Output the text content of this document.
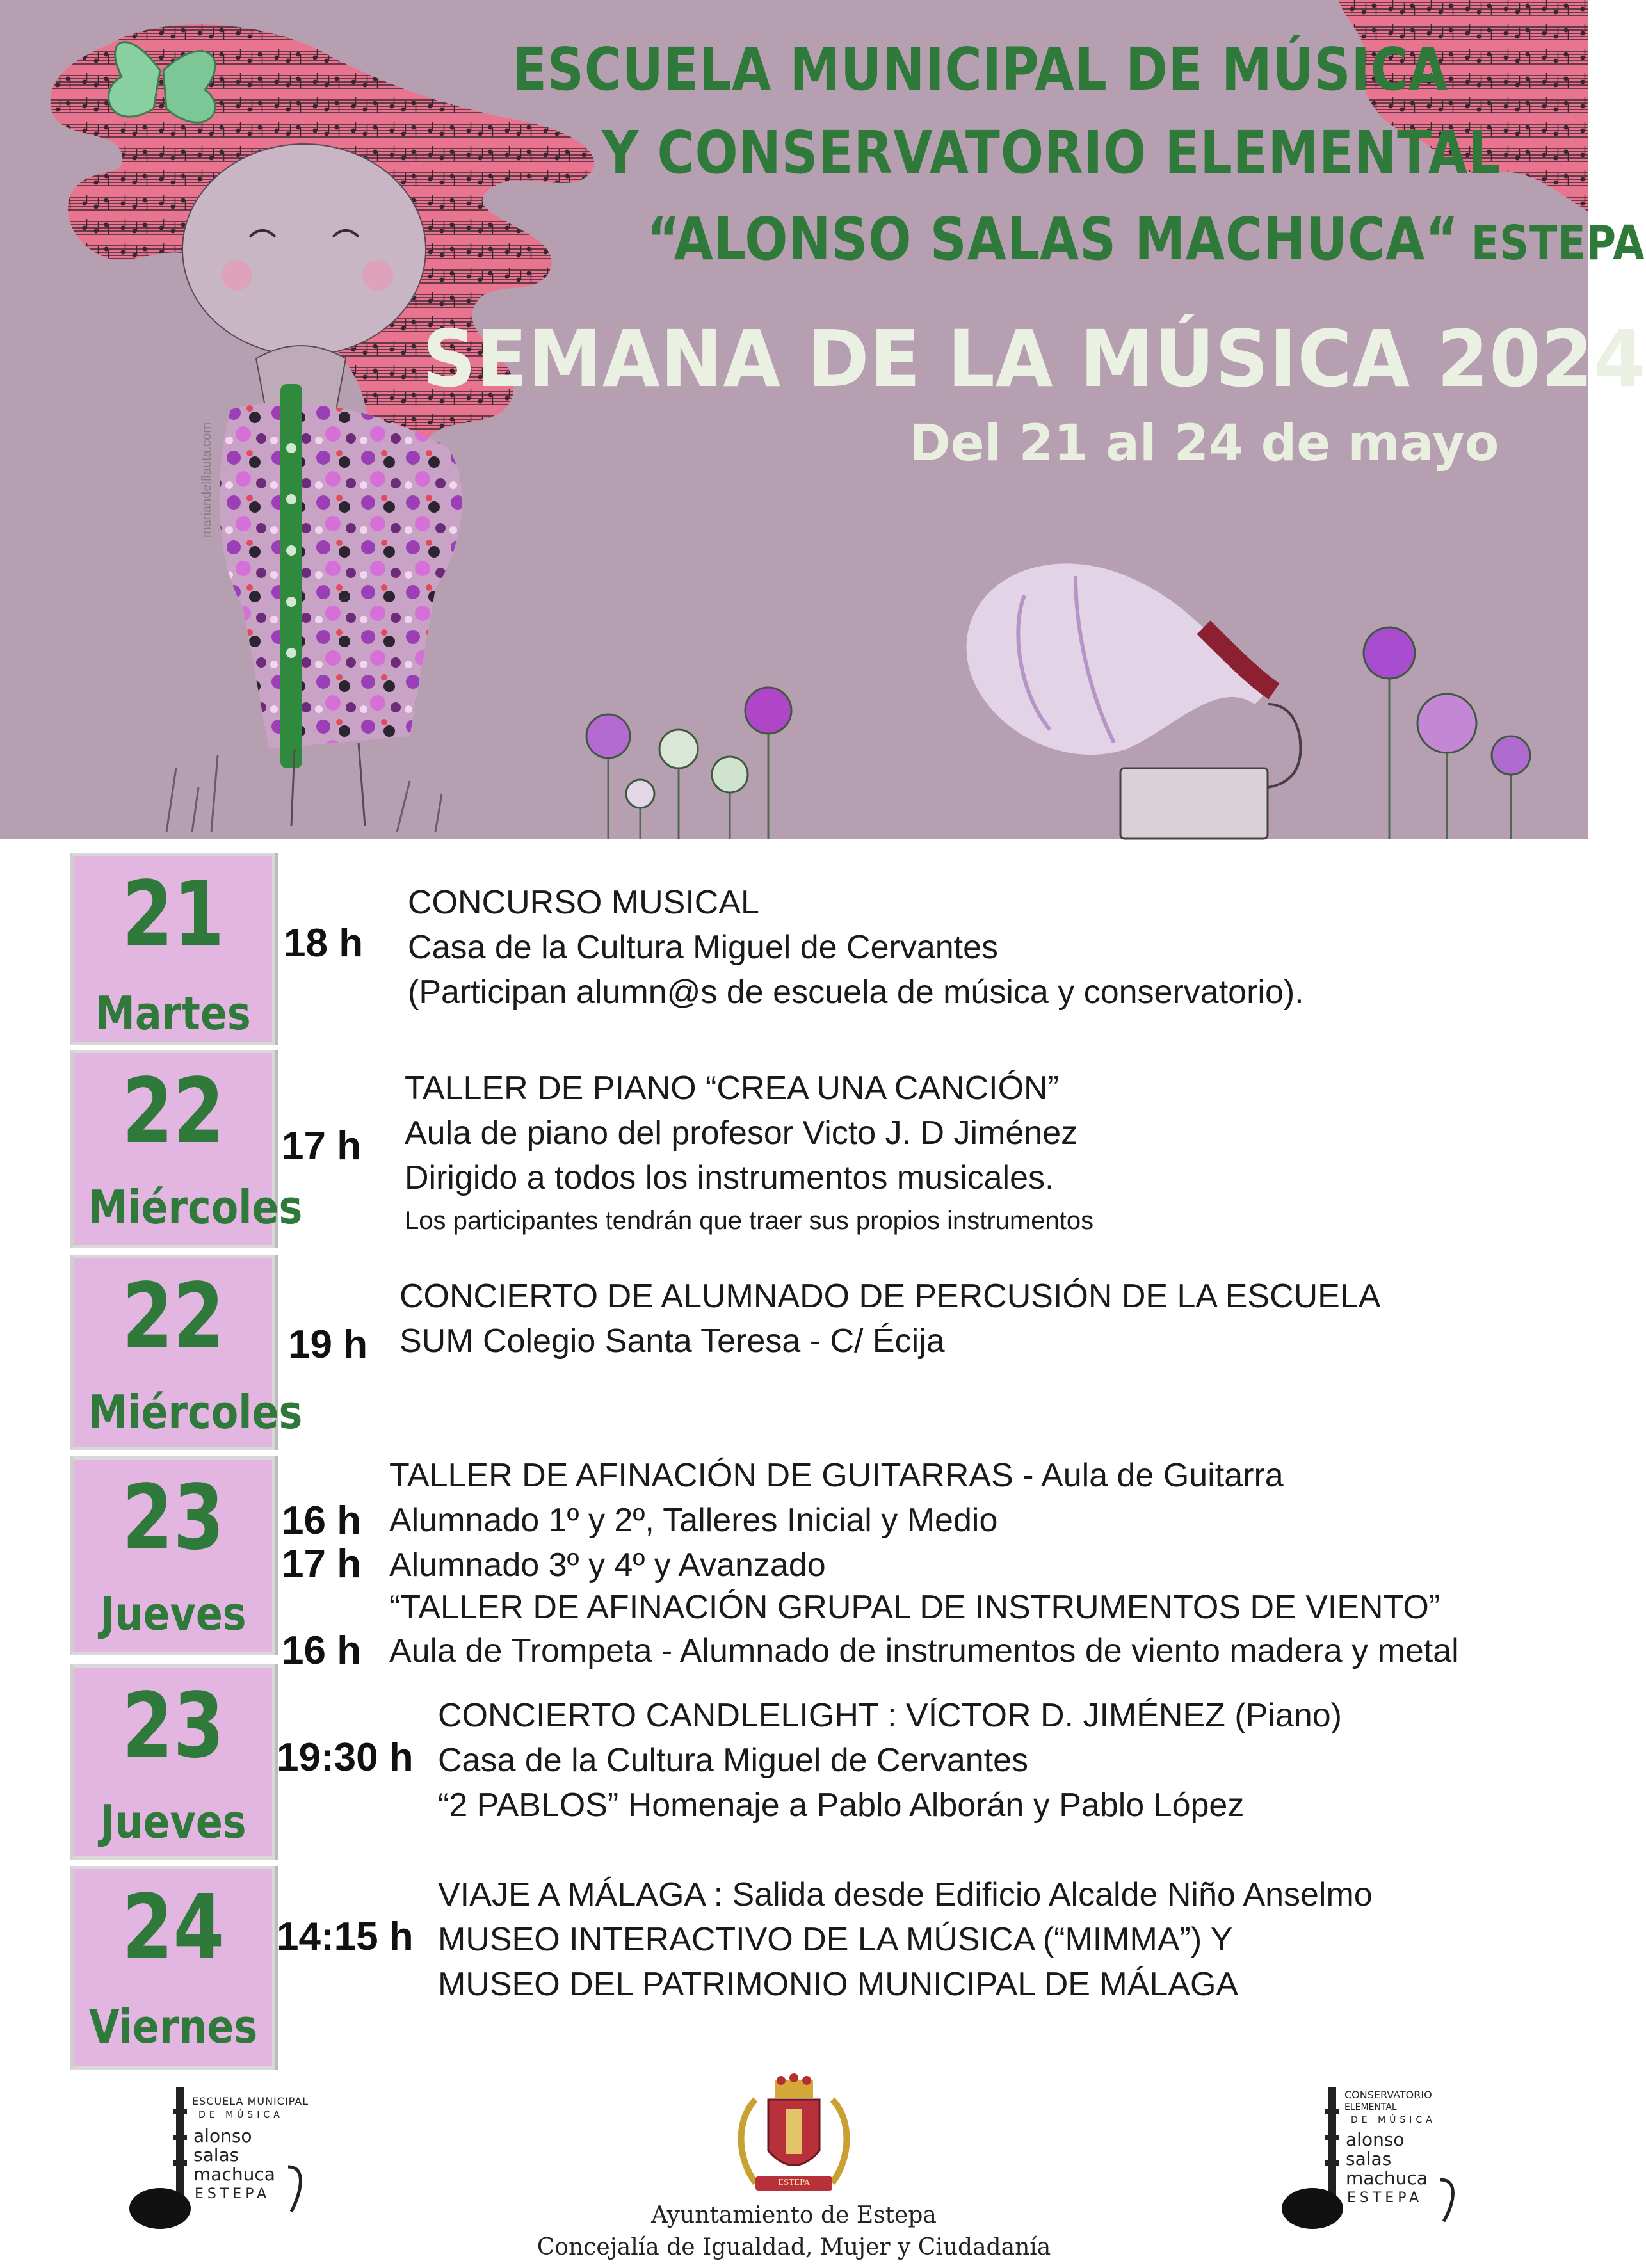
ESCUELA MUNICIPAL DE MÚSICA
Y CONSERVATORIO ELEMENTAL
“ALONSO SALAS MACHUCA“ ESTEPA
SEMANA DE LA MÚSICA 2024

Del 21 al 24 de mayo

mariandelflauta.com
21
Martes
18 h
CONCURSO MUSICAL
Casa de la Cultura Miguel de Cervantes
(Participan alumn@s de escuela de música y conservatorio).
22
Miércoles
17 h
TALLER DE PIANO “CREA UNA CANCIÓN”
Aula de piano del profesor Victo J. D Jiménez
Dirigido a todos los instrumentos musicales.
Los participantes tendrán que traer sus propios instrumentos
22
Miércoles
19 h
CONCIERTO DE ALUMNADO DE PERCUSIÓN DE LA ESCUELA
SUM Colegio Santa Teresa - C/ Écija
23
Jueves
16 h
17 h
16 h
TALLER DE AFINACIÓN DE GUITARRAS - Aula de Guitarra
Alumnado 1º y 2º, Talleres Inicial y Medio
Alumnado 3º y 4º y Avanzado
“TALLER DE AFINACIÓN GRUPAL DE INSTRUMENTOS DE VIENTO”
Aula de Trompeta - Alumnado de instrumentos de viento madera y metal
23
Jueves
19:30 h
CONCIERTO CANDLELIGHT : VÍCTOR D. JIMÉNEZ (Piano)
Casa de la Cultura Miguel de Cervantes
“2 PABLOS” Homenaje a Pablo Alborán y Pablo López
24
Viernes
14:15 h
VIAJE A MÁLAGA : Salida desde Edificio Alcalde Niño Anselmo
MUSEO INTERACTIVO DE LA MÚSICA (“MIMMA”) Y
MUSEO DEL PATRIMONIO MUNICIPAL DE MÁLAGA
ESCUELA MUNICIPAL
DE MÚSICA
alonso
salas
machuca
ESTEPA
ESTEPA
Ayuntamiento de Estepa
Concejalía de Igualdad, Mujer y Ciudadanía
CONSERVATORIO
ELEMENTAL
DE MÚSICA
alonso
salas
machuca
ESTEPA
